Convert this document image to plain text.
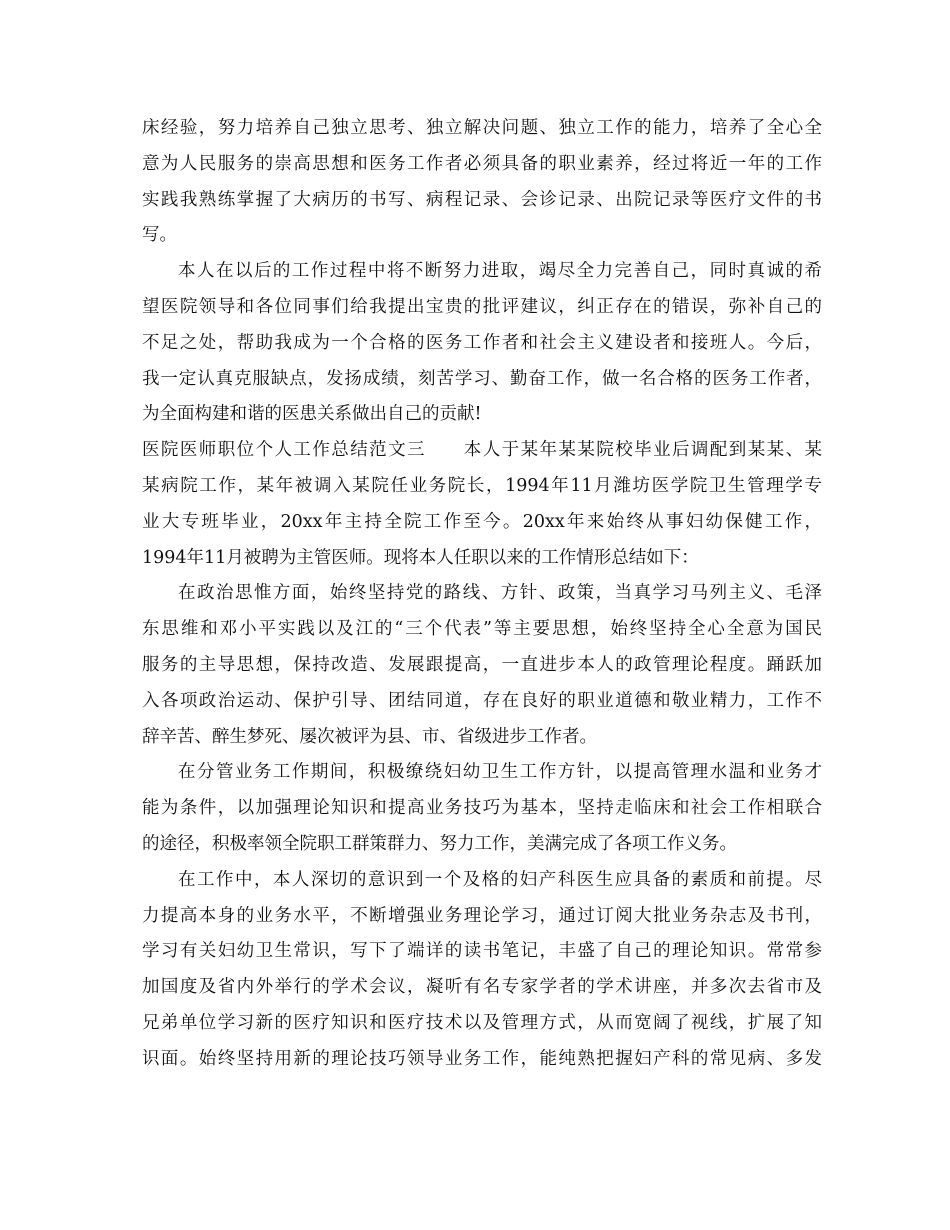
床经验，努力培养自己独立思考、独立解决问题、独立工作的能力，培养了全心全
意为人民服务的崇高思想和医务工作者必须具备的职业素养，经过将近一年的工作
实践我熟练掌握了大病历的书写、病程记录、会诊记录、出院记录等医疗文件的书
写。
本人在以后的工作过程中将不断努力进取，竭尽全力完善自己，同时真诚的希
望医院领导和各位同事们给我提出宝贵的批评建议，纠正存在的错误，弥补自己的
不足之处，帮助我成为一个合格的医务工作者和社会主义建设者和接班人。今后，
我一定认真克服缺点，发扬成绩，刻苦学习、勤奋工作，做一名合格的医务工作者，
为全面构建和谐的医患关系做出自己的贡献!
医院医师职位个人工作总结范文三　　本人于某年某某院校毕业后调配到某某、某
某病院工作，某年被调入某院任业务院长，1994年11月潍坊医学院卫生管理学专
业大专班毕业，20xx年主持全院工作至今。20xx年来始终从事妇幼保健工作，
1994年11月被聘为主管医师。现将本人任职以来的工作情形总结如下：
在政治思惟方面，始终坚持党的路线、方针、政策，当真学习马列主义、毛泽
东思维和邓小平实践以及江的“三个代表”等主要思想，始终坚持全心全意为国民
服务的主导思想，保持改造、发展跟提高，一直进步本人的政管理论程度。踊跃加
入各项政治运动、保护引导、团结同道，存在良好的职业道德和敬业精力，工作不
辞辛苦、醉生梦死、屡次被评为县、市、省级进步工作者。
在分管业务工作期间，积极缭绕妇幼卫生工作方针，以提高管理水温和业务才
能为条件，以加强理论知识和提高业务技巧为基本，坚持走临床和社会工作相联合
的途径，积极率领全院职工群策群力、努力工作，美满完成了各项工作义务。
在工作中，本人深切的意识到一个及格的妇产科医生应具备的素质和前提。尽
力提高本身的业务水平，不断增强业务理论学习，通过订阅大批业务杂志及书刊，
学习有关妇幼卫生常识，写下了端详的读书笔记，丰盛了自己的理论知识。常常参
加国度及省内外举行的学术会议，凝听有名专家学者的学术讲座，并多次去省市及
兄弟单位学习新的医疗知识和医疗技术以及管理方式，从而宽阔了视线，扩展了知
识面。始终坚持用新的理论技巧领导业务工作，能纯熟把握妇产科的常见病、多发
